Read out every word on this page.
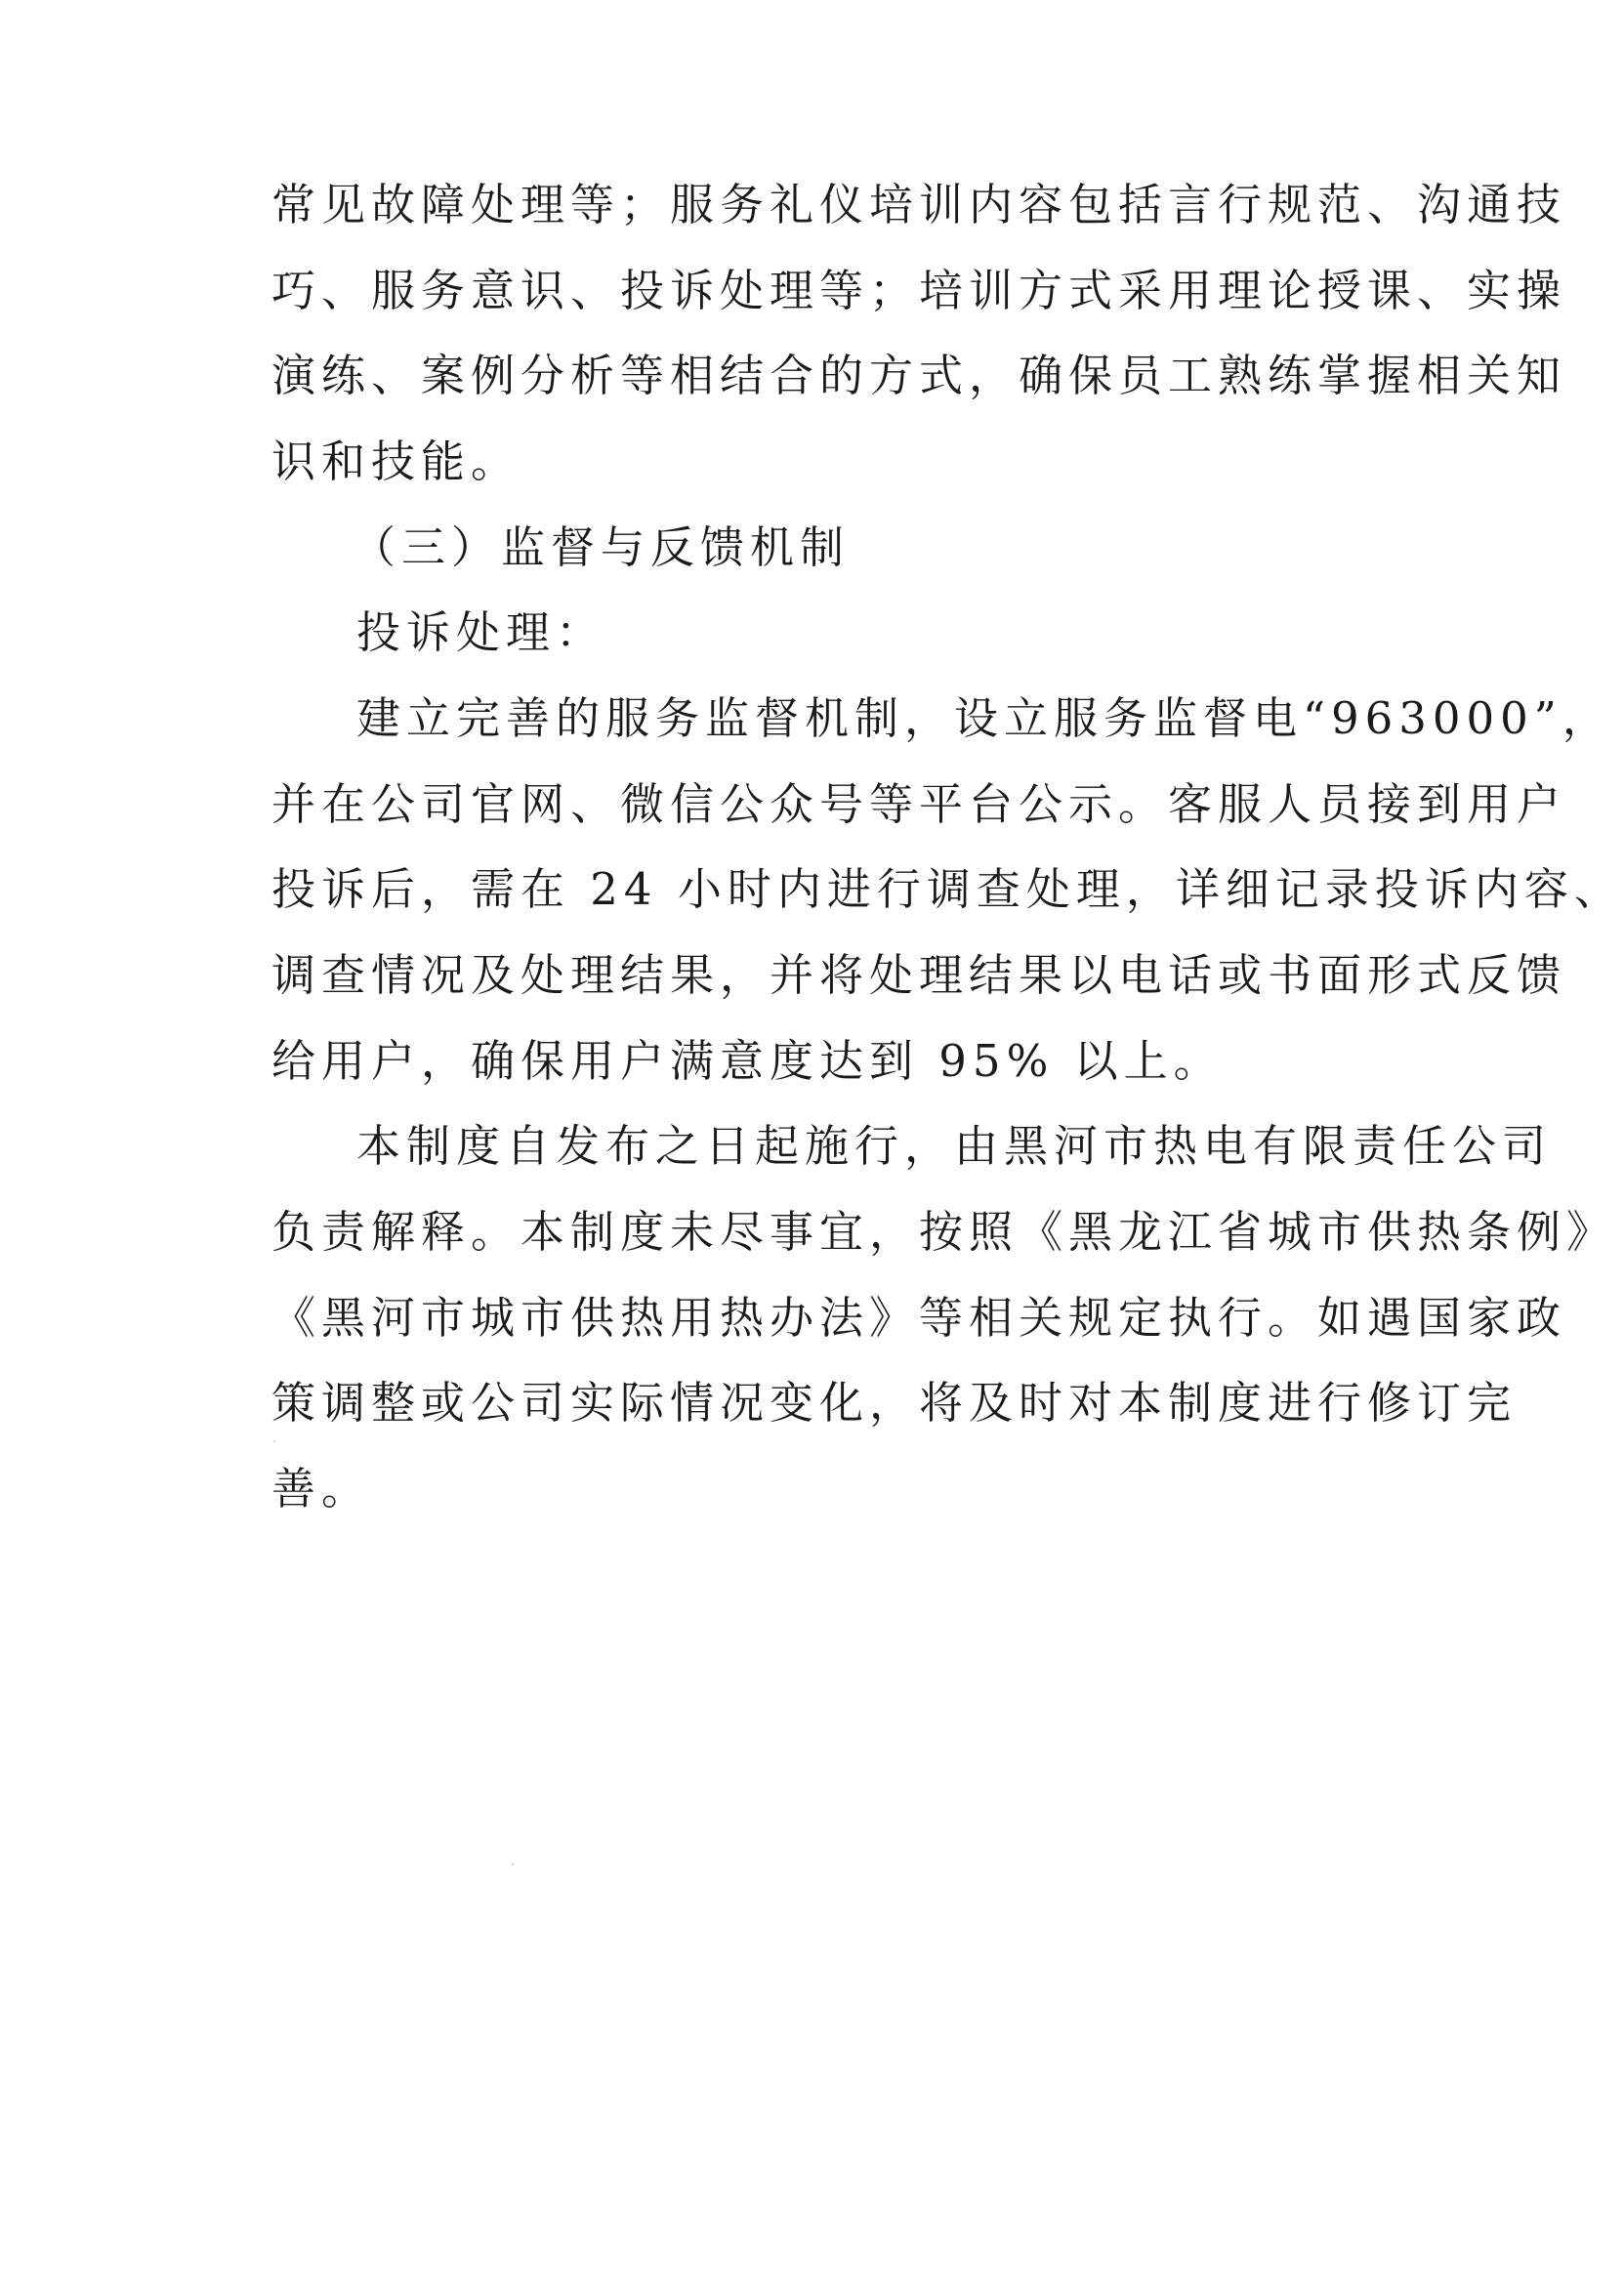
常见故障处理等；服务礼仪培训内容包括言行规范、沟通技
巧、服务意识、投诉处理等；培训方式采用理论授课、实操
演练、案例分析等相结合的方式，确保员工熟练掌握相关知
识和技能。
（三）监督与反馈机制
投诉处理：
建立完善的服务监督机制，设立服务监督电“963000”，
并在公司官网、微信公众号等平台公示。客服人员接到用户
投诉后，需在 24 小时内进行调查处理，详细记录投诉内容、
调查情况及处理结果，并将处理结果以电话或书面形式反馈
给用户，确保用户满意度达到 95% 以上。
本制度自发布之日起施行，由黑河市热电有限责任公司
负责解释。本制度未尽事宜，按照《黑龙江省城市供热条例》
《黑河市城市供热用热办法》等相关规定执行。如遇国家政
策调整或公司实际情况变化，将及时对本制度进行修订完
善。
